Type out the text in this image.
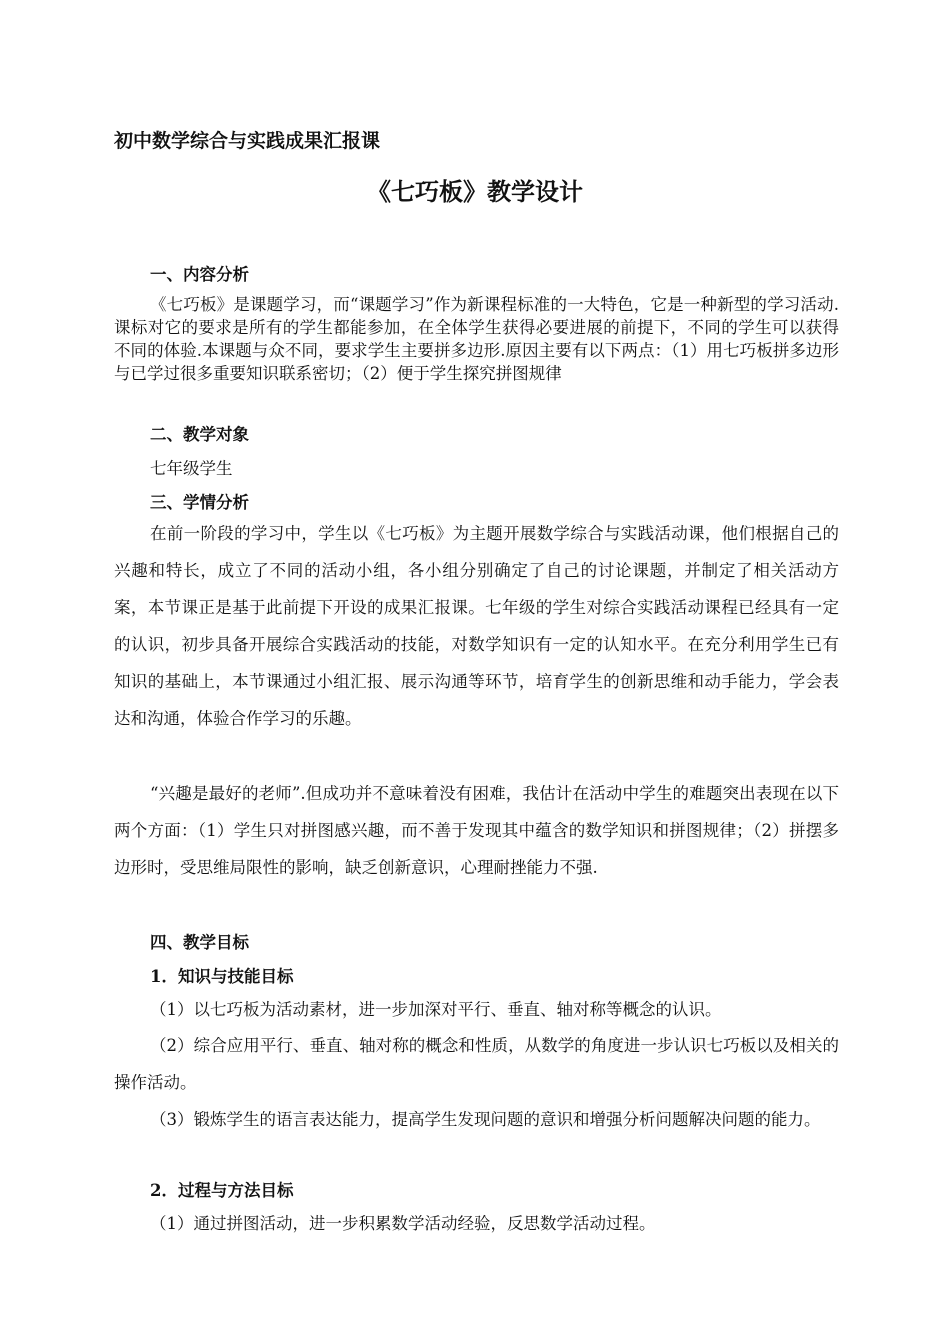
初中数学综合与实践成果汇报课
《七巧板》教学设计
一、内容分析
《七巧板》是课题学习，而“课题学习”作为新课程标准的一大特色，它是一种新型的学习活动.课标对它的要求是所有的学生都能参加，在全体学生获得必要进展的前提下，不同的学生可以获得不同的体验.本课题与众不同，要求学生主要拼多边形.原因主要有以下两点：（1）用七巧板拼多边形与已学过很多重要知识联系密切；（2）便于学生探究拼图规律
二、教学对象
七年级学生
三、学情分析
在前一阶段的学习中，学生以《七巧板》为主题开展数学综合与实践活动课，他们根据自己的兴趣和特长，成立了不同的活动小组，各小组分别确定了自己的讨论课题，并制定了相关活动方案，本节课正是基于此前提下开设的成果汇报课。七年级的学生对综合实践活动课程已经具有一定的认识，初步具备开展综合实践活动的技能，对数学知识有一定的认知水平。在充分利用学生已有知识的基础上，本节课通过小组汇报、展示沟通等环节，培育学生的创新思维和动手能力，学会表达和沟通，体验合作学习的乐趣。
“兴趣是最好的老师”.但成功并不意味着没有困难，我估计在活动中学生的难题突出表现在以下两个方面：（1）学生只对拼图感兴趣，而不善于发现其中蕴含的数学知识和拼图规律；（2）拼摆多边形时，受思维局限性的影响，缺乏创新意识，心理耐挫能力不强.
四、教学目标
1．知识与技能目标
（1）以七巧板为活动素材，进一步加深对平行、垂直、轴对称等概念的认识。
（2）综合应用平行、垂直、轴对称的概念和性质，从数学的角度进一步认识七巧板以及相关的操作活动。
（3）锻炼学生的语言表达能力，提高学生发现问题的意识和增强分析问题解决问题的能力。
2．过程与方法目标
（1）通过拼图活动，进一步积累数学活动经验，反思数学活动过程。
